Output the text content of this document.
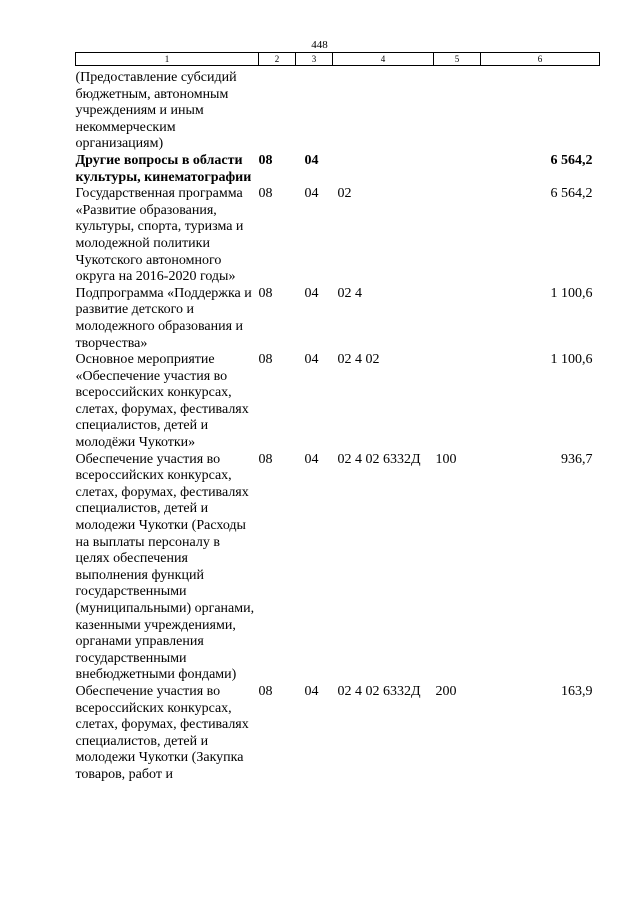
448
1	2	3	4	5	6
(Предоставление субсидий бюджетным, автономным учреждениям и иным некоммерческим организациям)					
Другие вопросы в области культуры, кинематографии	08	04			6 564,2
Государственная программа «Развитие образования, культуры, спорта, туризма и молодежной политики Чукотского автономного округа на 2016-2020 годы»	08	04	02		6 564,2
Подпрограмма «Поддержка и развитие детского и молодежного образования и творчества»	08	04	02 4		1 100,6
Основное мероприятие «Обеспечение участия во всероссийских конкурсах, слетах, форумах, фестивалях специалистов, детей и молодёжи Чукотки»	08	04	02 4 02		1 100,6
Обеспечение участия во всероссийских конкурсах, слетах, форумах, фестивалях специалистов, детей и молодежи Чукотки (Расходы на выплаты персоналу в целях обеспечения выполнения функций государственными (муниципальными) органами, казенными учреждениями, органами управления государственными внебюджетными фондами)	08	04	02 4 02 6332Д	100	936,7
Обеспечение участия во всероссийских конкурсах, слетах, форумах, фестивалях специалистов, детей и молодежи Чукотки (Закупка товаров, работ и	08	04	02 4 02 6332Д	200	163,9
